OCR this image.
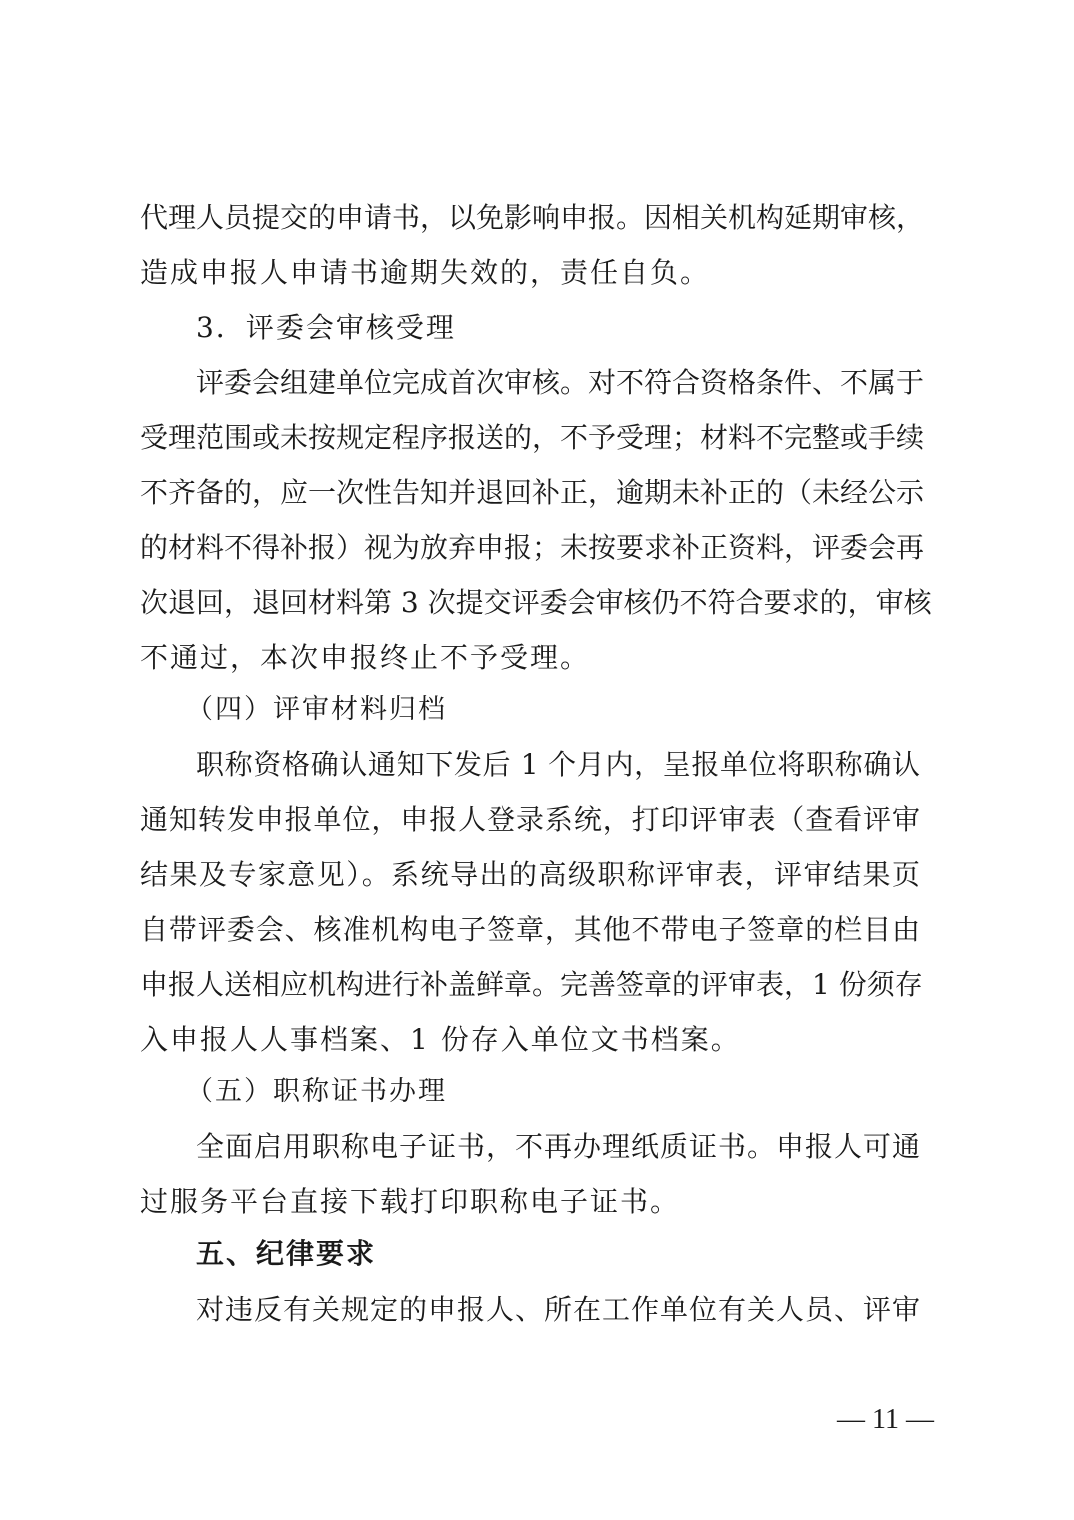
代理人员提交的申请书，以免影响申报。因相关机构延期审核，
造成申报人申请书逾期失效的，责任自负。
3．评委会审核受理
评委会组建单位完成首次审核。对不符合资格条件、不属于
受理范围或未按规定程序报送的，不予受理；材料不完整或手续
不齐备的，应一次性告知并退回补正，逾期未补正的（未经公示
的材料不得补报）视为放弃申报；未按要求补正资料，评委会再
次退回，退回材料第 3 次提交评委会审核仍不符合要求的，审核
不通过，本次申报终止不予受理。
（四）评审材料归档
职称资格确认通知下发后 1 个月内，呈报单位将职称确认
通知转发申报单位，申报人登录系统，打印评审表（查看评审
结果及专家意见）。系统导出的高级职称评审表，评审结果页
自带评委会、核准机构电子签章，其他不带电子签章的栏目由
申报人送相应机构进行补盖鲜章。完善签章的评审表，1 份须存
入申报人人事档案、1 份存入单位文书档案。
（五）职称证书办理
全面启用职称电子证书，不再办理纸质证书。申报人可通
过服务平台直接下载打印职称电子证书。
五、纪律要求
对违反有关规定的申报人、所在工作单位有关人员、评审
— 11 —
